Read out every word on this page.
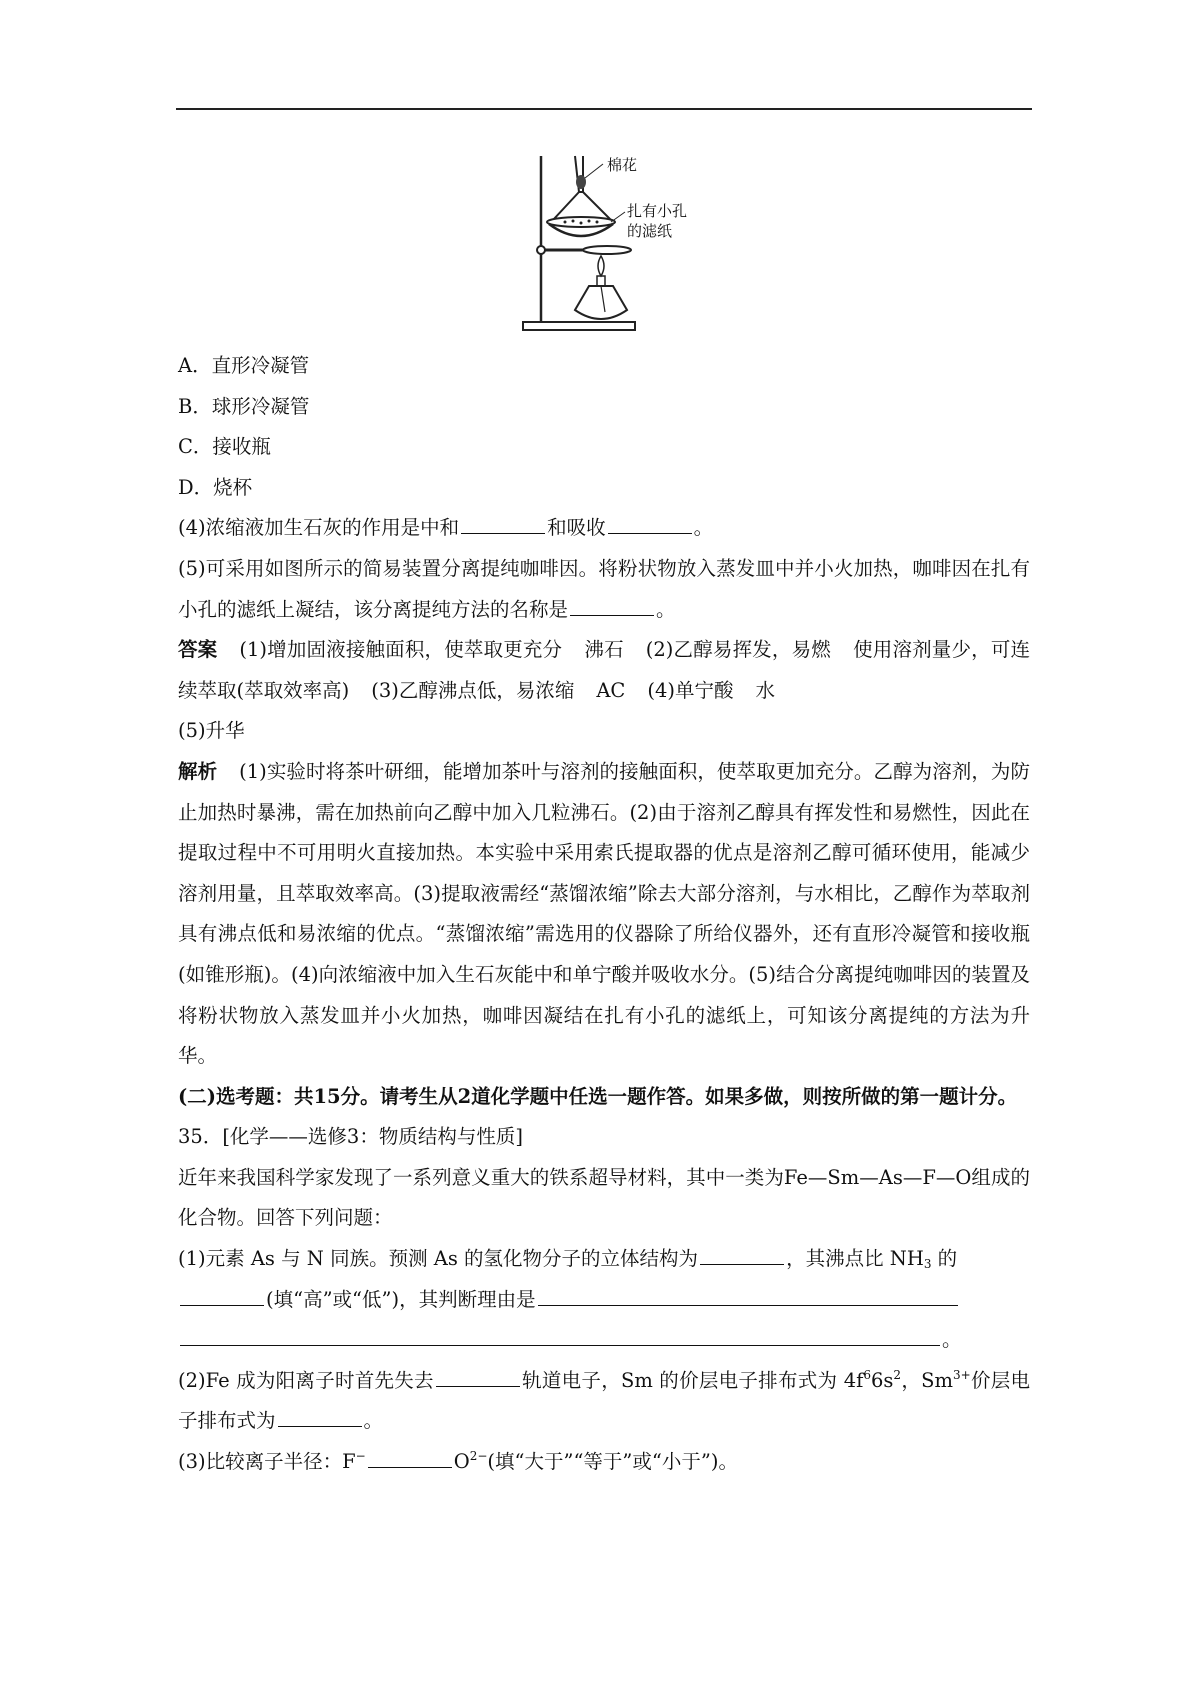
棉花
扎有小孔
的滤纸

A．直形冷凝管

B．球形冷凝管

C．接收瓶

D．烧杯

(4)浓缩液加生石灰的作用是中和	和吸收	。

(5)可采用如图所示的简易装置分离提纯咖啡因。将粉状物放入蒸发皿中并小火加热，咖啡因在扎有小孔的滤纸上凝结，该分离提纯方法的名称是	。

答案 (1)增加固液接触面积，使萃取更充分 沸石 (2)乙醇易挥发，易燃 使用溶剂量少，可连续萃取(萃取效率高) (3)乙醇沸点低，易浓缩 AC (4)单宁酸 水

(5)升华

解析 (1)实验时将茶叶研细，能增加茶叶与溶剂的接触面积，使萃取更加充分。乙醇为溶剂，为防止加热时暴沸，需在加热前向乙醇中加入几粒沸石。(2)由于溶剂乙醇具有挥发性和易燃性，因此在提取过程中不可用明火直接加热。本实验中采用索氏提取器的优点是溶剂乙醇可循环使用，能减少溶剂用量，且萃取效率高。(3)提取液需经“蒸馏浓缩”除去大部分溶剂，与水相比，乙醇作为萃取剂具有沸点低和易浓缩的优点。“蒸馏浓缩”需选用的仪器除了所给仪器外，还有直形冷凝管和接收瓶(如锥形瓶)。(4)向浓缩液中加入生石灰能中和单宁酸并吸收水分。(5)结合分离提纯咖啡因的装置及将粉状物放入蒸发皿并小火加热，咖啡因凝结在扎有小孔的滤纸上，可知该分离提纯的方法为升华。

(二)选考题：共15分。请考生从2道化学题中任选一题作答。如果多做，则按所做的第一题计分。

35．[化学——选修3：物质结构与性质]

近年来我国科学家发现了一系列意义重大的铁系超导材料，其中一类为Fe—Sm—As—F—O组成的化合物。回答下列问题：

(1)元素 As 与 N 同族。预测 As 的氢化物分子的立体结构为	，其沸点比 $NH_3$ 的
(填“高”或“低”)，其判断理由是
。

(2)Fe 成为阳离子时首先失去	轨道电子，Sm 的价层电子排布式为 $4f^66s^2$，$Sm^{3+}$价层电子排布式为	。

(3)比较离子半径：F−	$O^{2-}$(填“大于”“等于”或“小于”)。
